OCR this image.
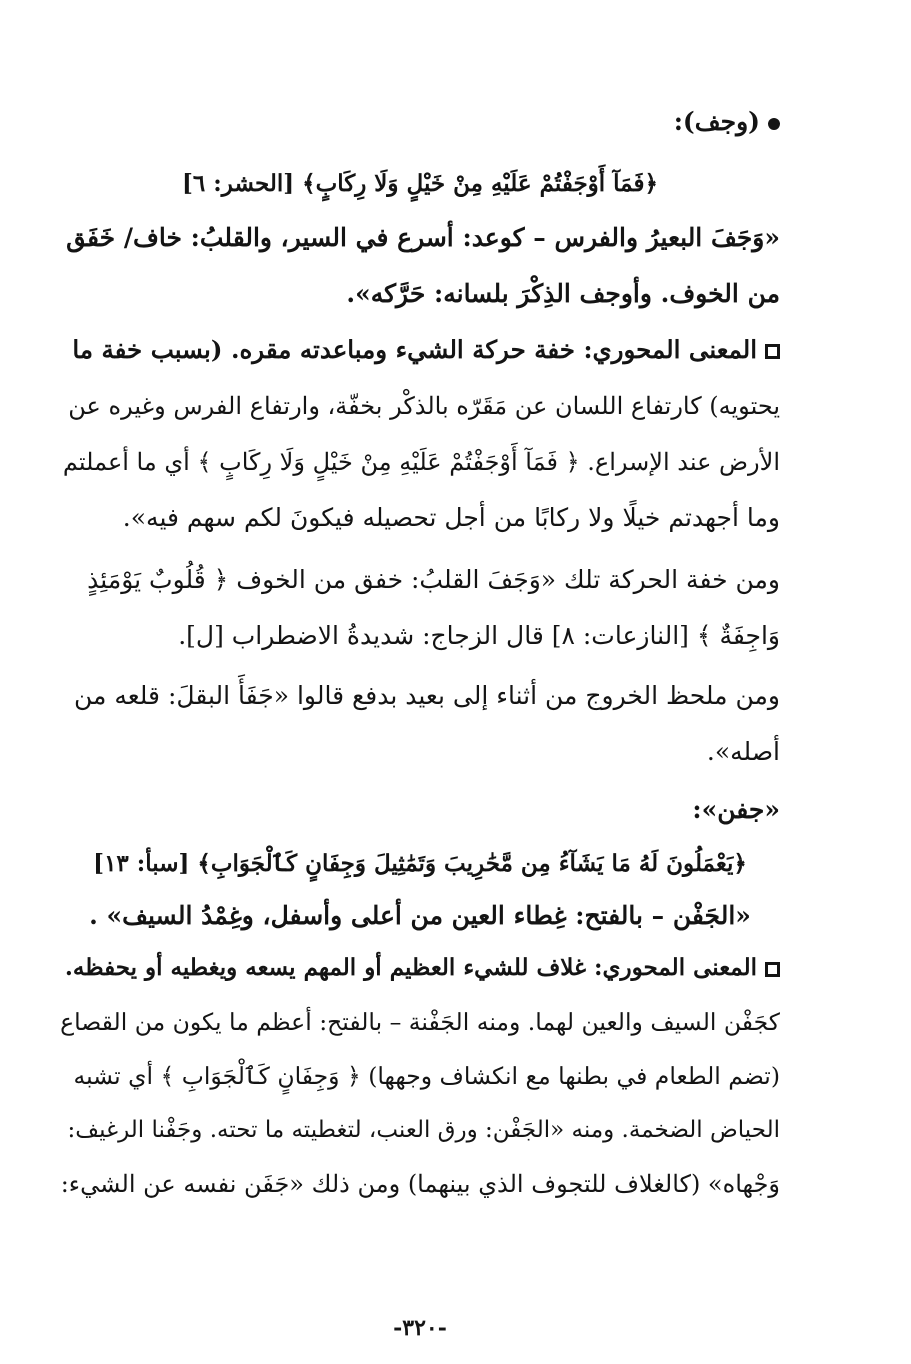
(وجف):
﴿فَمَآ أَوْجَفْتُمْ عَلَيْهِ مِنْ خَيْلٍ وَلَا رِكَابٍ﴾ [الحشر: ٦]
«وَجَفَ البعيرُ والفرس – كوعد: أسرع في السير، والقلبُ: خاف/ خَفَق
من الخوف. وأوجف الذِكْرَ بلسانه: حَرَّكه».
المعنى المحوري: خفة حركة الشيء ومباعدته مقره. (بسبب خفة ما
يحتويه) كارتفاع اللسان عن مَقَرّه بالذكْر بخفّة، وارتفاع الفرس وغيره عن
الأرض عند الإسراع. ﴿ فَمَآ أَوْجَفْتُمْ عَلَيْهِ مِنْ خَيْلٍ وَلَا رِكَابٍ ﴾ أي ما أعملتم
وما أجهدتم خيلًا ولا ركابًا من أجل تحصيله فيكونَ لكم سهم فيه».
ومن خفة الحركة تلك «وَجَفَ القلبُ: خفق من الخوف ﴿ قُلُوبٌ يَوْمَئِذٍ
وَاجِفَةٌ ﴾ [النازعات: ٨] قال الزجاج: شديدةُ الاضطراب [ل].
ومن ملحظ الخروج من أثناء إلى بعيد بدفع قالوا «جَفَأَ البقلَ: قلعه من
أصله».
«جفن»:
﴿يَعْمَلُونَ لَهُ مَا يَشَآءُ مِن مَّحَٰرِيبَ وَتَمَٰثِيلَ وَجِفَانٍ كَٱلْجَوَابِ﴾ [سبأ: ١٣]
«الجَفْن – بالفتح: غِطاء العين من أعلى وأسفل، وغِمْدُ السيف» .
المعنى المحوري: غلاف للشيء العظيم أو المهم يسعه ويغطيه أو يحفظه.
كجَفْن السيف والعين لهما. ومنه الجَفْنة – بالفتح: أعظم ما يكون من القصاع
(تضم الطعام في بطنها مع انكشاف وجهها) ﴿ وَجِفَانٍ كَٱلْجَوَابِ ﴾ أي تشبه
الحياض الضخمة. ومنه «الجَفْن: ورق العنب، لتغطيته ما تحته. وجَفْنا الرغيف:
وَجْهاه» (كالغلاف للتجوف الذي بينهما) ومن ذلك «جَفَن نفسه عن الشيء:
-٣٢٠-
